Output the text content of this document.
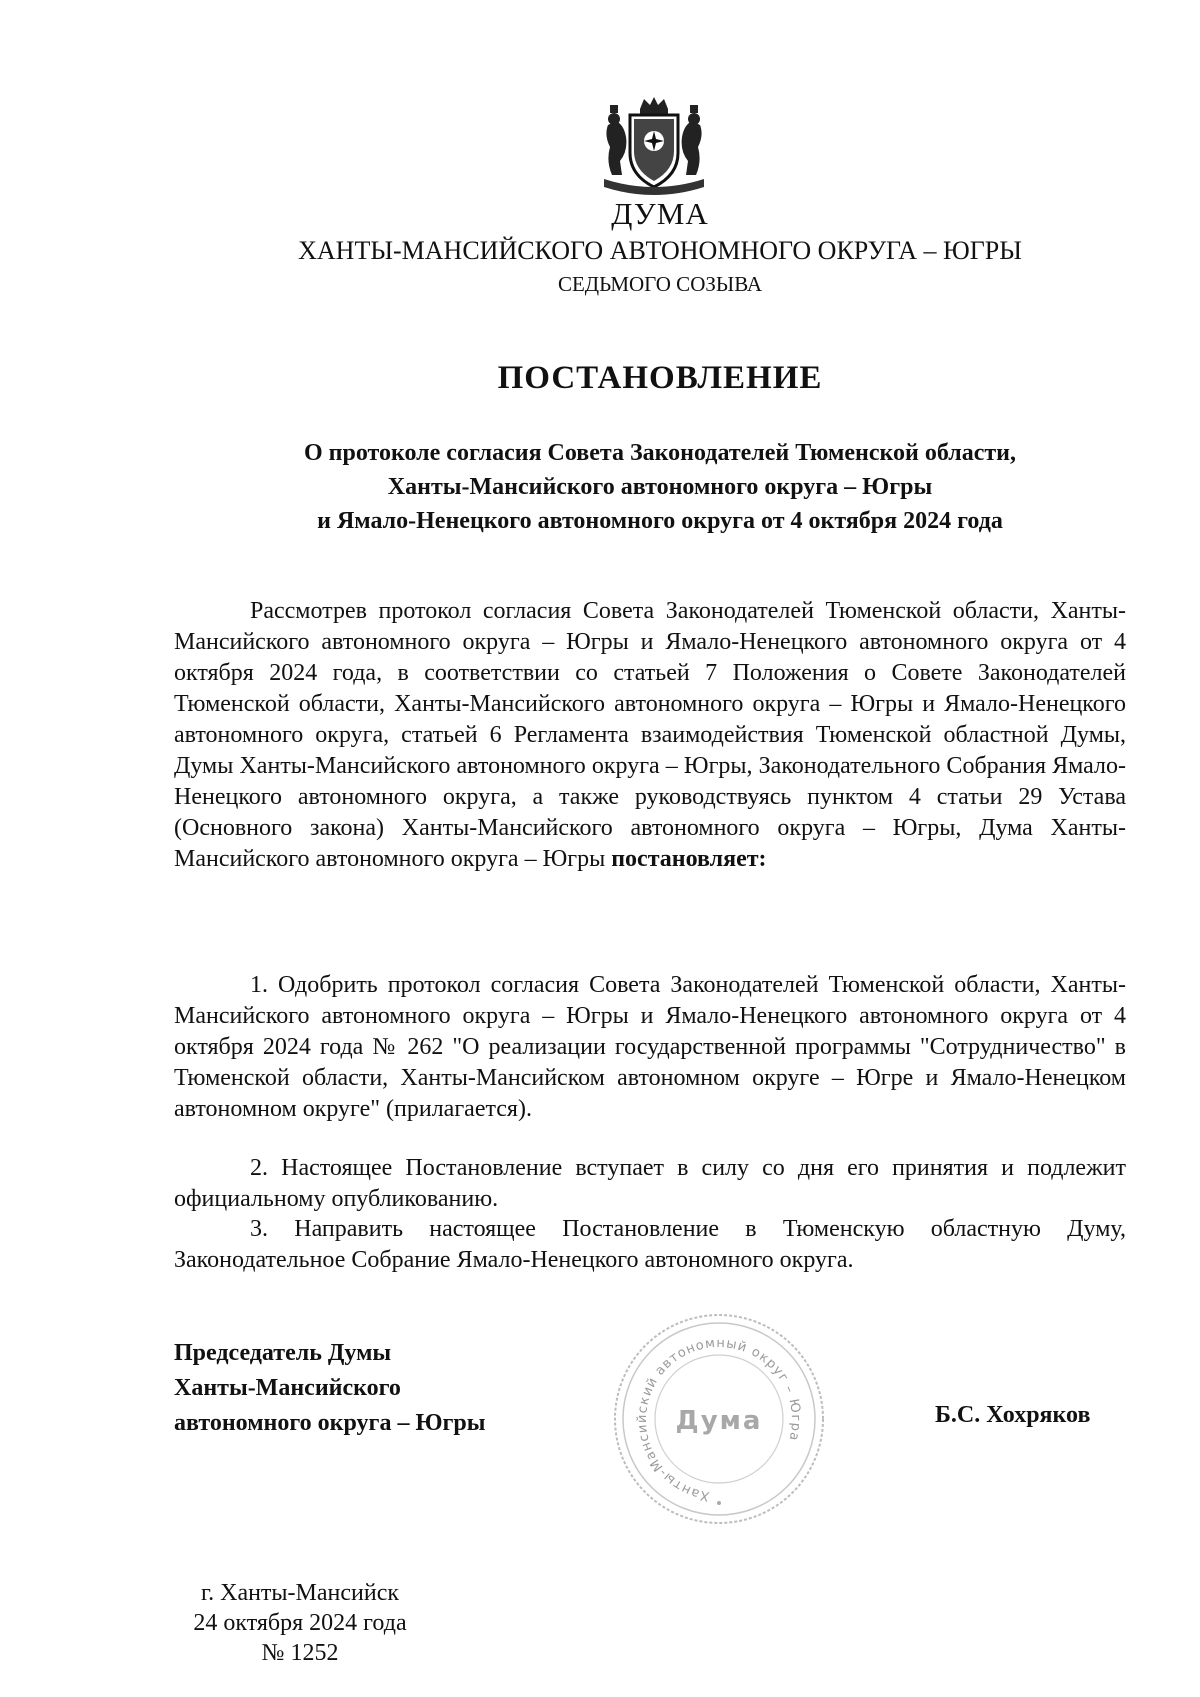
ДУМА
ХАНТЫ-МАНСИЙСКОГО АВТОНОМНОГО ОКРУГА – ЮГРЫ
СЕДЬМОГО СОЗЫВА
ПОСТАНОВЛЕНИЕ
О протоколе согласия Совета Законодателей Тюменской области,
Ханты-Мансийского автономного округа – Югры
и Ямало-Ненецкого автономного округа от 4 октября 2024 года
Рассмотрев протокол согласия Совета Законодателей Тюменской области, Ханты-Мансийского автономного округа – Югры и Ямало-Ненецкого автономного округа от 4 октября 2024 года, в соответствии со статьей 7 Положения о Совете Законодателей Тюменской области, Ханты-Мансийского автономного округа – Югры и Ямало-Ненецкого автономного округа, статьей 6 Регламента взаимодействия Тюменской областной Думы, Думы Ханты-Мансийского автономного округа – Югры, Законодательного Собрания Ямало-Ненецкого автономного округа, а также руководствуясь пунктом 4 статьи 29 Устава (Основного закона) Ханты-Мансийского автономного округа – Югры, Дума Ханты-Мансийского автономного округа – Югры постановляет:
1. Одобрить протокол согласия Совета Законодателей Тюменской области, Ханты-Мансийского автономного округа – Югры и Ямало-Ненецкого автономного округа от 4 октября 2024 года № 262 "О реализации государственной программы "Сотрудничество" в Тюменской области, Ханты-Мансийском автономном округе – Югре и Ямало-Ненецком автономном округе" (прилагается).
2. Настоящее Постановление вступает в силу со дня его принятия и подлежит официальному опубликованию.
3. Направить настоящее Постановление в Тюменскую областную Думу, Законодательное Собрание Ямало-Ненецкого автономного округа.
Председатель Думы
Ханты-Мансийского
автономного округа – Югры
Ханты-Мансийский автономный округ – Югра
Дума	Б.С. Хохряков
г. Ханты-Мансийск
24 октября 2024 года
№ 1252
